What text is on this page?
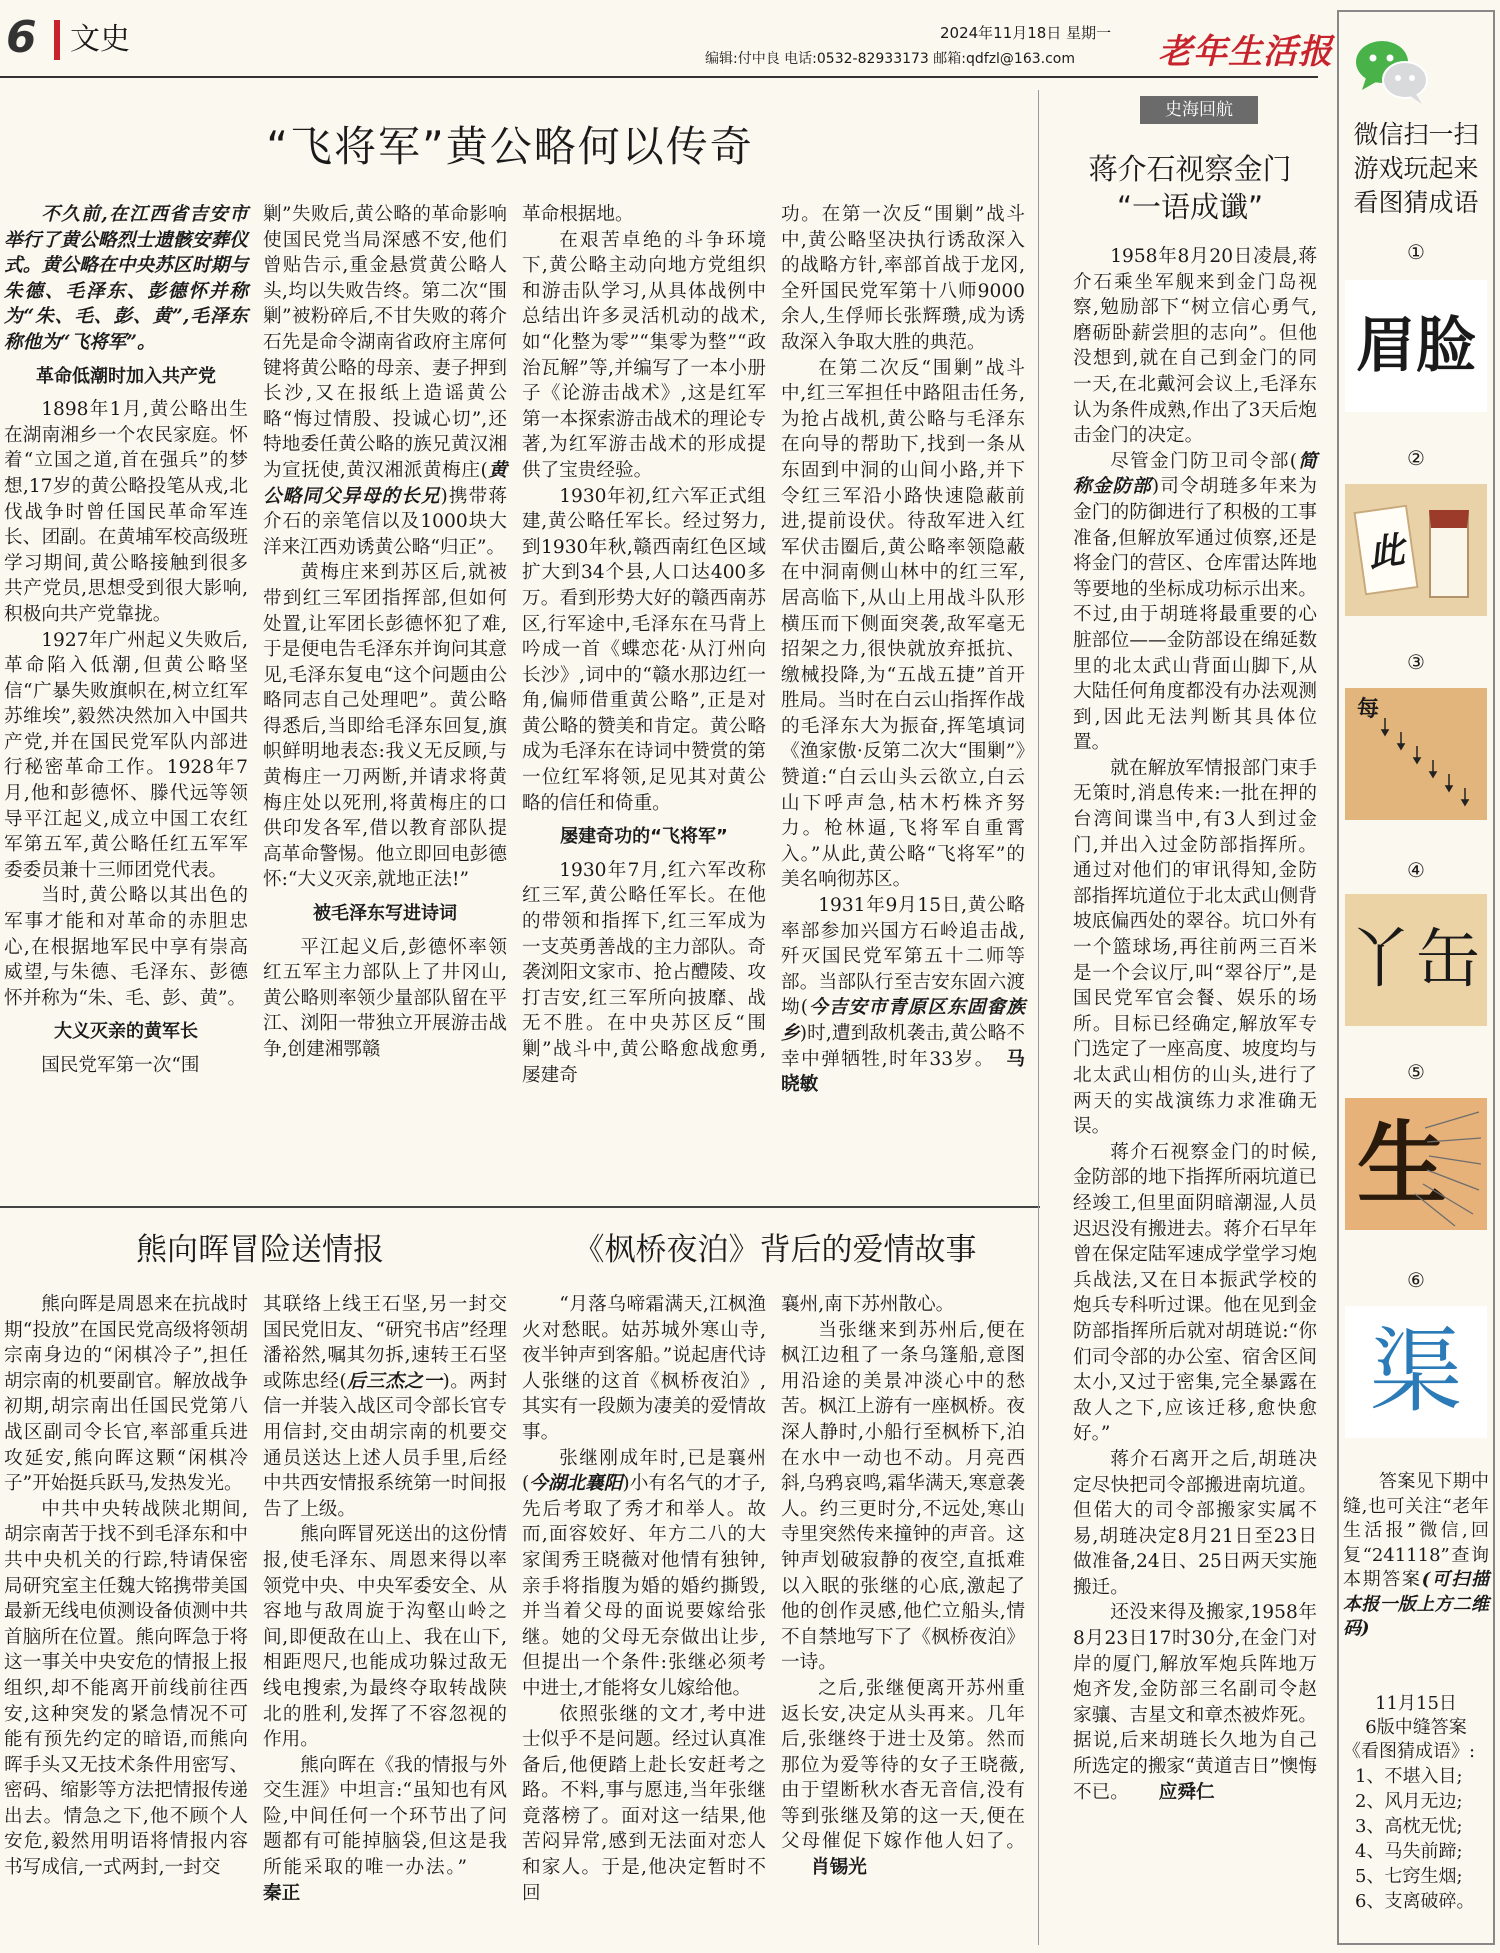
6 文史	2024年11月18日 星期一
编辑:付中良 电话:0532-82933173 邮箱:qdfzl@163.com 老年生活报
“飞将军”黄公略何以传奇

不久前,在江西省吉安市举行了黄公略烈士遗骸安葬仪式。黄公略在中央苏区时期与朱德、毛泽东、彭德怀并称为“朱、毛、彭、黄”,毛泽东称他为“飞将军”。

革命低潮时加入共产党

1898年1月,黄公略出生在湖南湘乡一个农民家庭。怀着“立国之道,首在强兵”的梦想,17岁的黄公略投笔从戎,北伐战争时曾任国民革命军连长、团副。在黄埔军校高级班学习期间,黄公略接触到很多共产党员,思想受到很大影响,积极向共产党靠拢。

1927年广州起义失败后,革命陷入低潮,但黄公略坚信“广暴失败旗帜在,树立红军苏维埃”,毅然决然加入中国共产党,并在国民党军队内部进行秘密革命工作。1928年7月,他和彭德怀、滕代远等领导平江起义,成立中国工农红军第五军,黄公略任红五军军委委员兼十三师团党代表。

当时,黄公略以其出色的军事才能和对革命的赤胆忠心,在根据地军民中享有崇高威望,与朱德、毛泽东、彭德怀并称为“朱、毛、彭、黄”。

大义灭亲的黄军长

国民党军第一次“围

剿”失败后,黄公略的革命影响使国民党当局深感不安,他们曾贴告示,重金悬赏黄公略人头,均以失败告终。第二次“围剿”被粉碎后,不甘失败的蒋介石先是命令湖南省政府主席何键将黄公略的母亲、妻子押到长沙,又在报纸上造谣黄公略“悔过情殷、投诚心切”,还特地委任黄公略的族兄黄汉湘为宣抚使,黄汉湘派黄梅庄(黄公略同父异母的长兄)携带蒋介石的亲笔信以及1000块大洋来江西劝诱黄公略“归正”。

黄梅庄来到苏区后,就被带到红三军团指挥部,但如何处置,让军团长彭德怀犯了难,于是便电告毛泽东并询问其意见,毛泽东复电“这个问题由公略同志自己处理吧”。黄公略得悉后,当即给毛泽东回复,旗帜鲜明地表态:我义无反顾,与黄梅庄一刀两断,并请求将黄梅庄处以死刑,将黄梅庄的口供印发各军,借以教育部队提高革命警惕。他立即回电彭德怀:“大义灭亲,就地正法!”

被毛泽东写进诗词

平江起义后,彭德怀率领红五军主力部队上了井冈山,黄公略则率领少量部队留在平江、浏阳一带独立开展游击战争,创建湘鄂赣

革命根据地。

在艰苦卓绝的斗争环境下,黄公略主动向地方党组织和游击队学习,从具体战例中总结出许多灵活机动的战术,如“化整为零”“集零为整”“政治瓦解”等,并编写了一本小册子《论游击战术》,这是红军第一本探索游击战术的理论专著,为红军游击战术的形成提供了宝贵经验。

1930年初,红六军正式组建,黄公略任军长。经过努力,到1930年秋,赣西南红色区域扩大到34个县,人口达400多万。看到形势大好的赣西南苏区,行军途中,毛泽东在马背上吟成一首《蝶恋花·从汀州向长沙》,词中的“赣水那边红一角,偏师借重黄公略”,正是对黄公略的赞美和肯定。黄公略成为毛泽东在诗词中赞赏的第一位红军将领,足见其对黄公略的信任和倚重。

屡建奇功的“飞将军”

1930年7月,红六军改称红三军,黄公略任军长。在他的带领和指挥下,红三军成为一支英勇善战的主力部队。奇袭浏阳文家市、抢占醴陵、攻打吉安,红三军所向披靡、战无不胜。在中央苏区反“围剿”战斗中,黄公略愈战愈勇,屡建奇

功。在第一次反“围剿”战斗中,黄公略坚决执行诱敌深入的战略方针,率部首战于龙冈,全歼国民党军第十八师9000余人,生俘师长张辉瓒,成为诱敌深入争取大胜的典范。

在第二次反“围剿”战斗中,红三军担任中路阻击任务,为抢占战机,黄公略与毛泽东在向导的帮助下,找到一条从东固到中洞的山间小路,并下令红三军沿小路快速隐蔽前进,提前设伏。待敌军进入红军伏击圈后,黄公略率领隐蔽在中洞南侧山林中的红三军,居高临下,从山上用战斗队形横压而下侧面突袭,敌军毫无招架之力,很快就放弃抵抗、缴械投降,为“五战五捷”首开胜局。当时在白云山指挥作战的毛泽东大为振奋,挥笔填词《渔家傲·反第二次大“围剿”》赞道:“白云山头云欲立,白云山下呼声急,枯木朽株齐努力。枪林逼,飞将军自重霄入。”从此,黄公略“飞将军”的美名响彻苏区。

1931年9月15日,黄公略率部参加兴国方石岭追击战,歼灭国民党军第五十二师等部。当部队行至吉安东固六渡坳(今吉安市青原区东固畲族乡)时,遭到敌机袭击,黄公略不幸中弹牺牲,时年33岁。 马晓敏

熊向晖冒险送情报

熊向晖是周恩来在抗战时期“投放”在国民党高级将领胡宗南身边的“闲棋冷子”,担任胡宗南的机要副官。解放战争初期,胡宗南出任国民党第八战区副司令长官,率部重兵进攻延安,熊向晖这颗“闲棋冷子”开始挺兵跃马,发热发光。

中共中央转战陕北期间,胡宗南苦于找不到毛泽东和中共中央机关的行踪,特请保密局研究室主任魏大铭携带美国最新无线电侦测设备侦测中共首脑所在位置。熊向晖急于将这一事关中央安危的情报上报组织,却不能离开前线前往西安,这种突发的紧急情况不可能有预先约定的暗语,而熊向晖手头又无技术条件用密写、密码、缩影等方法把情报传递出去。情急之下,他不顾个人安危,毅然用明语将情报内容书写成信,一式两封,一封交

其联络上线王石坚,另一封交国民党旧友、“研究书店”经理潘裕然,嘱其勿拆,速转王石坚或陈忠经(后三杰之一)。两封信一并装入战区司令部长官专用信封,交由胡宗南的机要交通员送达上述人员手里,后经中共西安情报系统第一时间报告了上级。

熊向晖冒死送出的这份情报,使毛泽东、周恩来得以率领党中央、中央军委安全、从容地与敌周旋于沟壑山岭之间,即便敌在山上、我在山下,相距咫尺,也能成功躲过敌无线电搜索,为最终夺取转战陕北的胜利,发挥了不容忽视的作用。

熊向晖在《我的情报与外交生涯》中坦言:“虽知也有风险,中间任何一个环节出了问题都有可能掉脑袋,但这是我所能采取的唯一办法。”秦正

《枫桥夜泊》背后的爱情故事

“月落乌啼霜满天,江枫渔火对愁眠。姑苏城外寒山寺,夜半钟声到客船。”说起唐代诗人张继的这首《枫桥夜泊》,其实有一段颇为凄美的爱情故事。

张继刚成年时,已是襄州(今湖北襄阳)小有名气的才子,先后考取了秀才和举人。故而,面容姣好、年方二八的大家闺秀王晓薇对他情有独钟,亲手将指腹为婚的婚约撕毁,并当着父母的面说要嫁给张继。她的父母无奈做出让步,但提出一个条件:张继必须考中进士,才能将女儿嫁给他。

依照张继的文才,考中进士似乎不是问题。经过认真准备后,他便踏上赴长安赶考之路。不料,事与愿违,当年张继竟落榜了。面对这一结果,他苦闷异常,感到无法面对恋人和家人。于是,他决定暂时不回

襄州,南下苏州散心。

当张继来到苏州后,便在枫江边租了一条乌篷船,意图用沿途的美景冲淡心中的愁苦。枫江上游有一座枫桥。夜深人静时,小船行至枫桥下,泊在水中一动也不动。月亮西斜,乌鸦哀鸣,霜华满天,寒意袭人。约三更时分,不远处,寒山寺里突然传来撞钟的声音。这钟声划破寂静的夜空,直抵难以入眠的张继的心底,激起了他的创作灵感,他伫立船头,情不自禁地写下了《枫桥夜泊》一诗。

之后,张继便离开苏州重返长安,决定从头再来。几年后,张继终于进士及第。然而那位为爱等待的女子王晓薇,由于望断秋水杳无音信,没有等到张继及第的这一天,便在父母催促下嫁作他人妇了。肖锡光

史海回航
蒋介石视察金门
“一语成谶”

1958年8月20日凌晨,蒋介石乘坐军舰来到金门岛视察,勉励部下“树立信心勇气,磨砺卧薪尝胆的志向”。但他没想到,就在自己到金门的同一天,在北戴河会议上,毛泽东认为条件成熟,作出了3天后炮击金门的决定。

尽管金门防卫司令部(简称金防部)司令胡琏多年来为金门的防御进行了积极的工事准备,但解放军通过侦察,还是将金门的营区、仓库雷达阵地等要地的坐标成功标示出来。不过,由于胡琏将最重要的心脏部位——金防部设在绵延数里的北太武山背面山脚下,从大陆任何角度都没有办法观测到,因此无法判断其具体位置。

就在解放军情报部门束手无策时,消息传来:一批在押的台湾间谍当中,有3人到过金门,并出入过金防部指挥所。通过对他们的审讯得知,金防部指挥坑道位于北太武山侧背坡底偏西处的翠谷。坑口外有一个篮球场,再往前两三百米是一个会议厅,叫“翠谷厅”,是国民党军官会餐、娱乐的场所。目标已经确定,解放军专门选定了一座高度、坡度均与北太武山相仿的山头,进行了两天的实战演练力求准确无误。

蒋介石视察金门的时候,金防部的地下指挥所兩坑道已经竣工,但里面阴暗潮湿,人员迟迟没有搬进去。蒋介石早年曾在保定陆军速成学堂学习炮兵战法,又在日本振武学校的炮兵专科听过课。他在见到金防部指挥所后就对胡琏说:“你们司令部的办公室、宿舍区间太小,又过于密集,完全暴露在敌人之下,应该迁移,愈快愈好。”

蒋介石离开之后,胡琏决定尽快把司令部搬进南坑道。但偌大的司令部搬家实属不易,胡琏决定8月21日至23日做准备,24日、25日两天实施搬迁。

还没来得及搬家,1958年8月23日17时30分,在金门对岸的厦门,解放军炮兵阵地万炮齐发,金防部三名副司令赵家骧、吉星文和章杰被炸死。据说,后来胡琏长久地为自己所选定的搬家“黄道吉日”懊悔不已。 应舜仁

微信扫一扫
游戏玩起来
看图猜成语
①
眉脸
②
此
③
每
④
丫缶
⑤
生
⑥
渠
答案见下期中缝,也可关注“老年生活报”微信,回复“241118”查询本期答案(可扫描本报一版上方二维码)
11月15日
6版中缝答案
《看图猜成语》:
1、不堪入目;
2、风月无边;
3、高枕无忧;
4、马失前蹄;
5、七窍生烟;
6、支离破碎。
